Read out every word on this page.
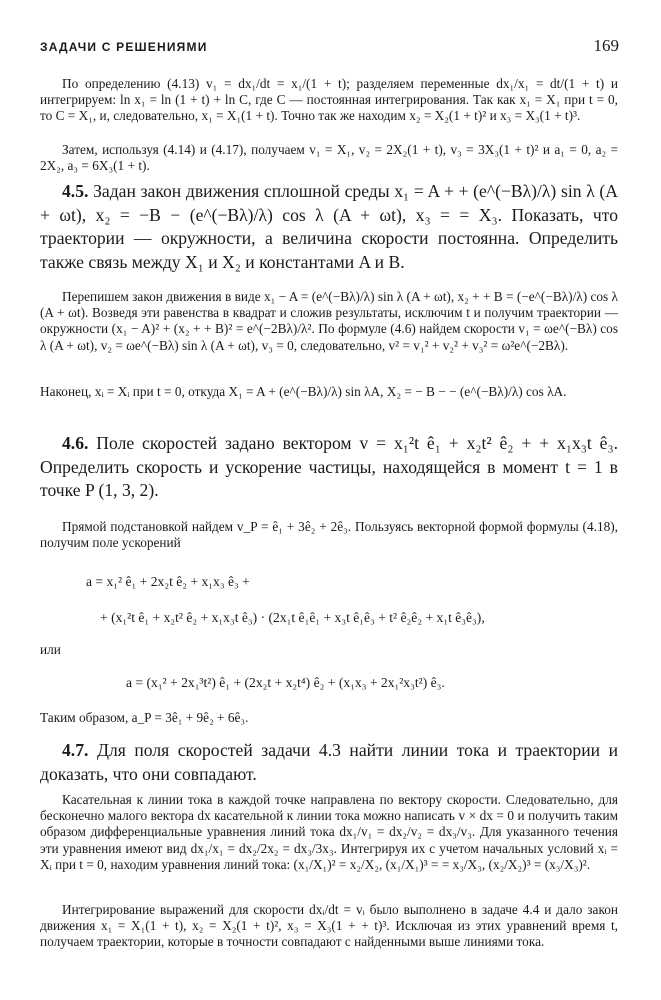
ЗАДАЧИ С РЕШЕНИЯМИ	169

По определению (4.13) v₁ = dx₁/dt = x₁/(1 + t); разделяем переменные dx₁/x₁ = dt/(1 + t) и интегрируем: ln x₁ = ln (1 + t) + ln C, где C — постоянная интегрирования. Так как x₁ = X₁ при t = 0, то C = X₁, и, следовательно, x₁ = X₁(1 + t). Точно так же находим x₂ = X₂(1 + t)² и x₃ = X₃(1 + t)³.

Затем, используя (4.14) и (4.17), получаем v₁ = X₁, v₂ = 2X₂(1 + t), v₃ = 3X₃(1 + t)² и a₁ = 0, a₂ = 2X₂, a₃ = 6X₃(1 + t).

4.5. Задан закон движения сплошной среды x₁ = A + + (e^(−Bλ)/λ) sin λ (A + ωt), x₂ = −B − (e^(−Bλ)/λ) cos λ (A + ωt), x₃ = = X₃. Показать, что траектории — окружности, а величина скорости постоянна. Определить также связь между X₁ и X₂ и константами A и B.

Перепишем закон движения в виде x₁ − A = (e^(−Bλ)/λ) sin λ (A + ωt), x₂ + + B = (−e^(−Bλ)/λ) cos λ (A + ωt). Возведя эти равенства в квадрат и сложив результаты, исключим t и получим траектории — окружности (x₁ − A)² + (x₂ + + B)² = e^(−2Bλ)/λ². По формуле (4.6) найдем скорости v₁ = ωe^(−Bλ) cos λ (A + ωt), v₂ = ωe^(−Bλ) sin λ (A + ωt), v₃ = 0, следовательно, v² = v₁² + v₂² + v₃² = ω²e^(−2Bλ).

Наконец, xᵢ = Xᵢ при t = 0, откуда X₁ = A + (e^(−Bλ)/λ) sin λA, X₂ = − B − − (e^(−Bλ)/λ) cos λA.

4.6. Поле скоростей задано вектором v = x₁²t ê₁ + x₂t² ê₂ + + x₁x₃t ê₃. Определить скорость и ускорение частицы, находящейся в момент t = 1 в точке P (1, 3, 2).

Прямой подстановкой найдем v_P = ê₁ + 3ê₂ + 2ê₃. Пользуясь векторной формой формулы (4.18), получим поле ускорений

a = x₁² ê₁ + 2x₂t ê₂ + x₁x₃ ê₃ +
+ (x₁²t ê₁ + x₂t² ê₂ + x₁x₃t ê₃) · (2x₁t ê₁ê₁ + x₃t ê₁ê₃ + t² ê₂ê₂ + x₁t ê₃ê₃),
или
a = (x₁² + 2x₁³t²) ê₁ + (2x₂t + x₂t⁴) ê₂ + (x₁x₃ + 2x₁²x₃t²) ê₃.

Таким образом, a_P = 3ê₁ + 9ê₂ + 6ê₃.

4.7. Для поля скоростей задачи 4.3 найти линии тока и траектории и доказать, что они совпадают.

Касательная к линии тока в каждой точке направлена по вектору скорости. Следовательно, для бесконечно малого вектора dx касательной к линии тока можно написать v × dx = 0 и получить таким образом дифференциальные уравнения линий тока dx₁/v₁ = dx₂/v₂ = dx₃/v₃. Для указанного течения эти уравнения имеют вид dx₁/x₁ = dx₂/2x₂ = dx₃/3x₃. Интегрируя их с учетом начальных условий xᵢ = Xᵢ при t = 0, находим уравнения линий тока: (x₁/X₁)² = x₂/X₂, (x₁/X₁)³ = = x₃/X₃, (x₂/X₂)³ = (x₃/X₃)².

Интегрирование выражений для скорости dxᵢ/dt = vᵢ было выполнено в задаче 4.4 и дало закон движения x₁ = X₁(1 + t), x₂ = X₂(1 + t)², x₃ = X₃(1 + + t)³. Исключая из этих уравнений время t, получаем траектории, которые в точности совпадают с найденными выше линиями тока.
